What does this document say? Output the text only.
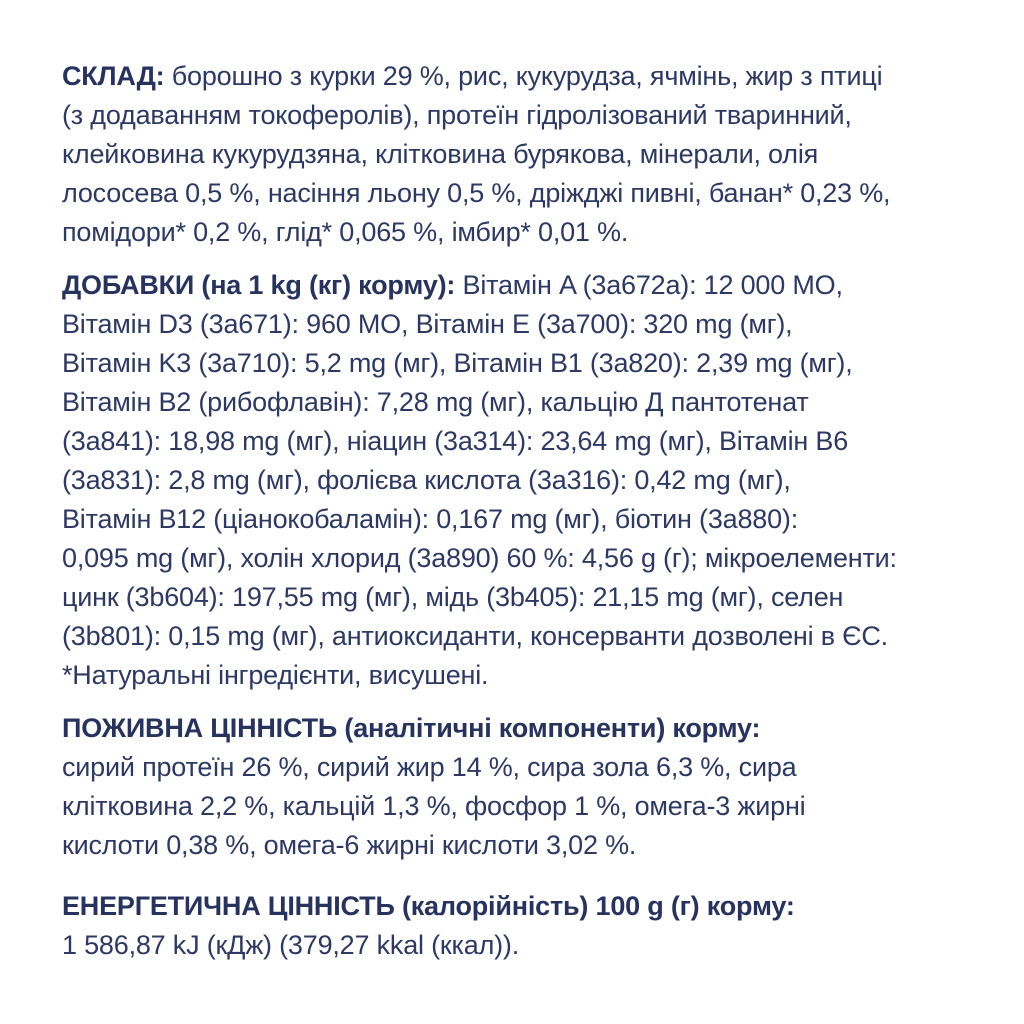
СКЛАД: борошно з курки 29 %, рис, кукурудза, ячмінь, жир з птиці
(з додаванням токоферолів), протеїн гідролізований тваринний,
клейковина кукурудзяна, клітковина бурякова, мінерали, олія
лососева 0,5 %, насіння льону 0,5 %, дріжджі пивні, банан* 0,23 %,
помідори* 0,2 %, глід* 0,065 %, імбир* 0,01 %.

ДОБАВКИ (на 1 kg (кг) корму): Вітамін A (3a672a): 12 000 МО,
Вітамін D3 (3a671): 960 МО, Вітамін E (3a700): 320 mg (мг),
Вітамін K3 (3a710): 5,2 mg (мг), Вітамін B1 (3a820): 2,39 mg (мг),
Вітамін B2 (рибофлавін): 7,28 mg (мг), кальцію Д пантотенат
(3a841): 18,98 mg (мг), ніацин (3a314): 23,64 mg (мг), Вітамін B6
(3a831): 2,8 mg (мг), фолієва кислота (3a316): 0,42 mg (мг),
Вітамін B12 (ціанокобаламін): 0,167 mg (мг), біотин (3a880):
0,095 mg (мг), холін хлорид (3a890) 60 %: 4,56 g (г); мікроелементи:
цинк (3b604): 197,55 mg (мг), мідь (3b405): 21,15 mg (мг), селен
(3b801): 0,15 mg (мг), антиоксиданти, консерванти дозволені в ЄС.
*Натуральні інгредієнти, висушені.

ПОЖИВНА ЦІННІСТЬ (аналітичні компоненти) корму:
сирий протеїн 26 %, сирий жир 14 %, сира зола 6,3 %, сира
клітковина 2,2 %, кальцій 1,3 %, фосфор 1 %, омега-3 жирні
кислоти 0,38 %, омега-6 жирні кислоти 3,02 %.

ЕНЕРГЕТИЧНА ЦІННІСТЬ (калорійність) 100 g (г) корму:
1 586,87 kJ (кДж) (379,27 kkal (ккал)).
